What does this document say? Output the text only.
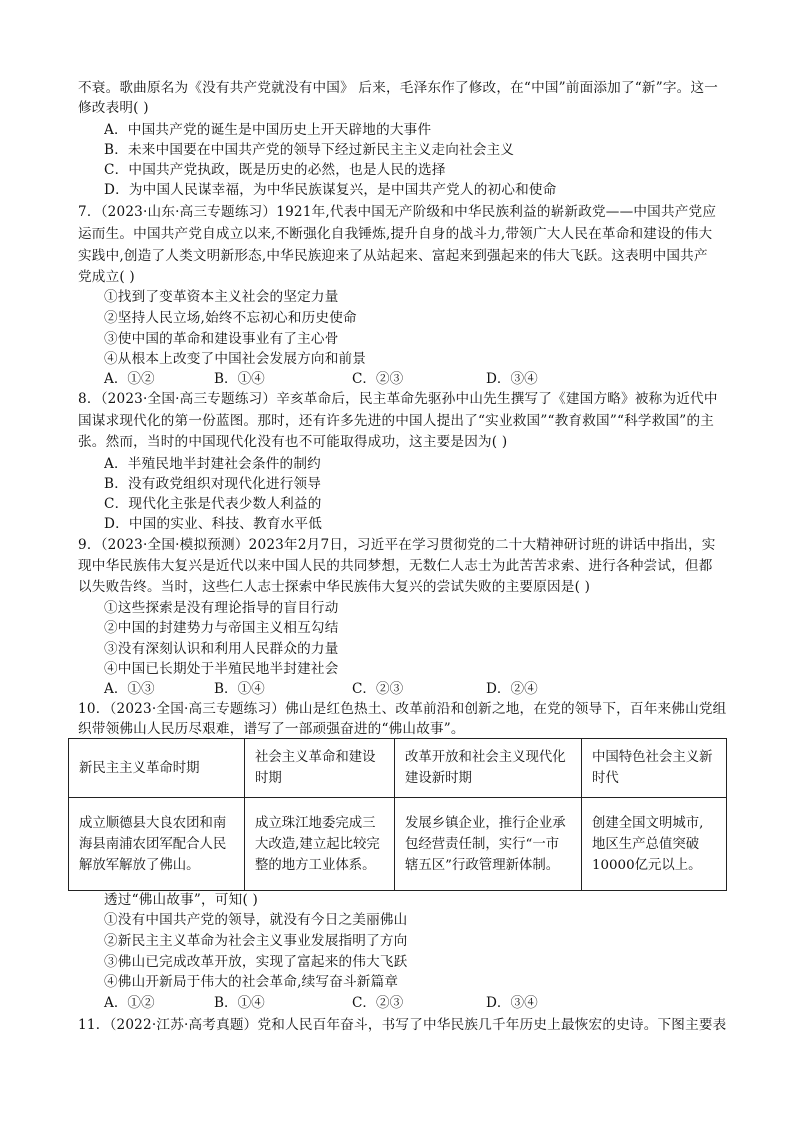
不衰。歌曲原名为《没有共产党就没有中国》 后来，毛泽东作了修改，在“中国”前面添加了“新”字。这一
修改表明( )
A．中国共产党的诞生是中国历史上开天辟地的大事件
B．未来中国要在中国共产党的领导下经过新民主主义走向社会主义
C．中国共产党执政，既是历史的必然，也是人民的选择
D．为中国人民谋幸福，为中华民族谋复兴，是中国共产党人的初心和使命
7．（2023·山东·高三专题练习）1921年,代表中国无产阶级和中华民族利益的崭新政党——中国共产党应
运而生。中国共产党自成立以来,不断强化自我锤炼,提升自身的战斗力,带领广大人民在革命和建设的伟大
实践中,创造了人类文明新形态,中华民族迎来了从站起来、富起来到强起来的伟大飞跃。这表明中国共产
党成立( )
①找到了变革资本主义社会的坚定力量
②坚持人民立场,始终不忘初心和历史使命
③使中国的革命和建设事业有了主心骨
④从根本上改变了中国社会发展方向和前景
A．①②	B．①④	C．②③	D．③④
8．（2023·全国·高三专题练习）辛亥革命后，民主革命先驱孙中山先生撰写了《建国方略》被称为近代中
国谋求现代化的第一份蓝图。那时，还有许多先进的中国人提出了“实业救国”“教育救国”“科学救国”的主
张。然而，当时的中国现代化没有也不可能取得成功，这主要是因为( )
A．半殖民地半封建社会条件的制约
B．没有政党组织对现代化进行领导
C．现代化主张是代表少数人利益的
D．中国的实业、科技、教育水平低
9．（2023·全国·模拟预测）2023年2月7日，习近平在学习贯彻党的二十大精神研讨班的讲话中指出，实
现中华民族伟大复兴是近代以来中国人民的共同梦想，无数仁人志士为此苦苦求索、进行各种尝试，但都
以失败告终。当时，这些仁人志士探索中华民族伟大复兴的尝试失败的主要原因是( )
①这些探索是没有理论指导的盲目行动
②中国的封建势力与帝国主义相互勾结
③没有深刻认识和利用人民群众的力量
④中国已长期处于半殖民地半封建社会
A．①③	B．①④	C．②③	D．②④
10．（2023·全国·高三专题练习）佛山是红色热土、改革前沿和创新之地，在党的领导下，百年来佛山党组
织带领佛山人民历尽艰难，谱写了一部顽强奋进的“佛山故事”。
新民主主义革命时期	社会主义革命和建设时期	改革开放和社会主义现代化建设新时期	中国特色社会主义新时代
成立顺德县大良农团和南海县南浦农团军配合人民解放军解放了佛山。	成立珠江地委完成三大改造,建立起比较完整的地方工业体系。	发展乡镇企业，推行企业承包经营责任制，实行“一市辖五区”行政管理新体制。	创建全国文明城市,地区生产总值突破10000亿元以上。
透过“佛山故事”，可知( )
①没有中国共产党的领导，就没有今日之美丽佛山
②新民主主义革命为社会主义事业发展指明了方向
③佛山已完成改革开放，实现了富起来的伟大飞跃
④佛山开新局于伟大的社会革命,续写奋斗新篇章
A．①②	B．①④	C．②③	D．③④
11．（2022·江苏·高考真题）党和人民百年奋斗，书写了中华民族几千年历史上最恢宏的史诗。下图主要表
